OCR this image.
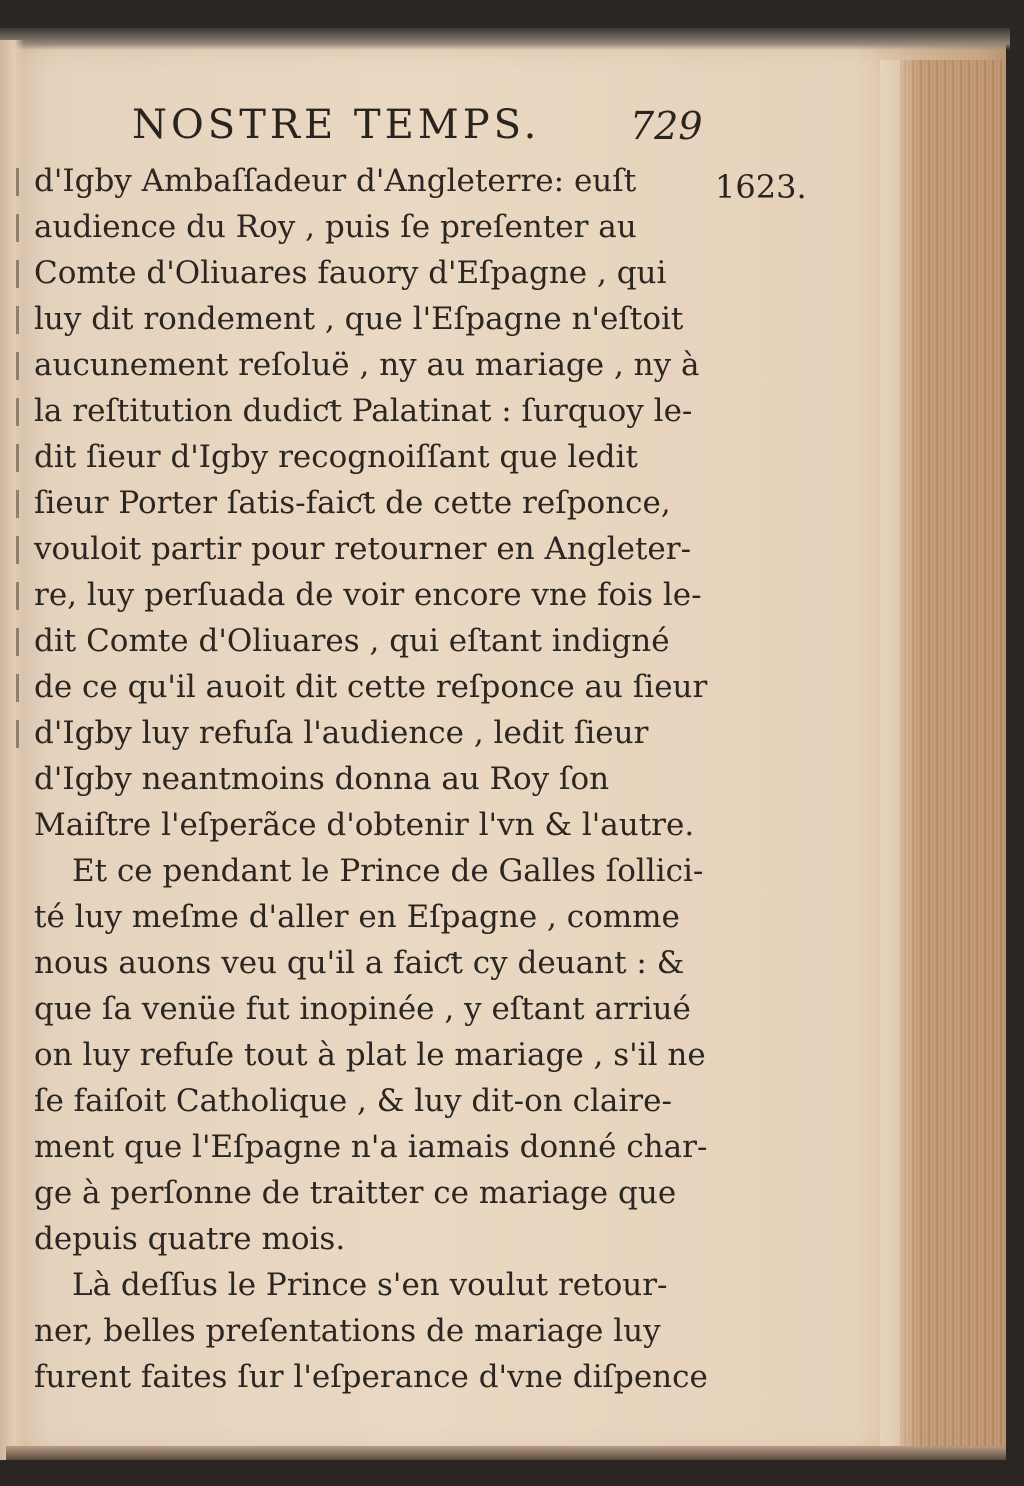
NOSTRE TEMPS. 729
1623.
d'Igby Ambaſſadeur d'Angleterre: euſt
audience du Roy , puis ſe preſenter au
Comte d'Oliuares fauory d'Eſpagne , qui
luy dit rondement , que l'Eſpagne n'eſtoit
aucunement reſoluë , ny au mariage , ny à
la reſtitution dudiƈt Palatinat : ſurquoy le-
dit ſieur d'Igby recognoiſſant que ledit
ſieur Porter ſatis-faiƈt de cette reſponce,
vouloit partir pour retourner en Angleter-
re, luy perſuada de voir encore vne fois le-
dit Comte d'Oliuares , qui eſtant indigné
de ce qu'il auoit dit cette reſponce au ſieur
d'Igby luy refuſa l'audience , ledit ſieur
d'Igby neantmoins donna au Roy ſon
Maiſtre l'eſperãce d'obtenir l'vn & l'autre.
Et ce pendant le Prince de Galles ſollici-
té luy meſme d'aller en Eſpagne , comme
nous auons veu qu'il a faiƈt cy deuant : &
que ſa venüe fut inopinée , y eſtant arriué
on luy refuſe tout à plat le mariage , s'il ne
ſe faiſoit Catholique , & luy dit-on claire-
ment que l'Eſpagne n'a iamais donné char-
ge à perſonne de traitter ce mariage que
depuis quatre mois.
Là deſſus le Prince s'en voulut retour-
ner, belles preſentations de mariage luy
furent faites ſur l'eſperance d'vne diſpence
